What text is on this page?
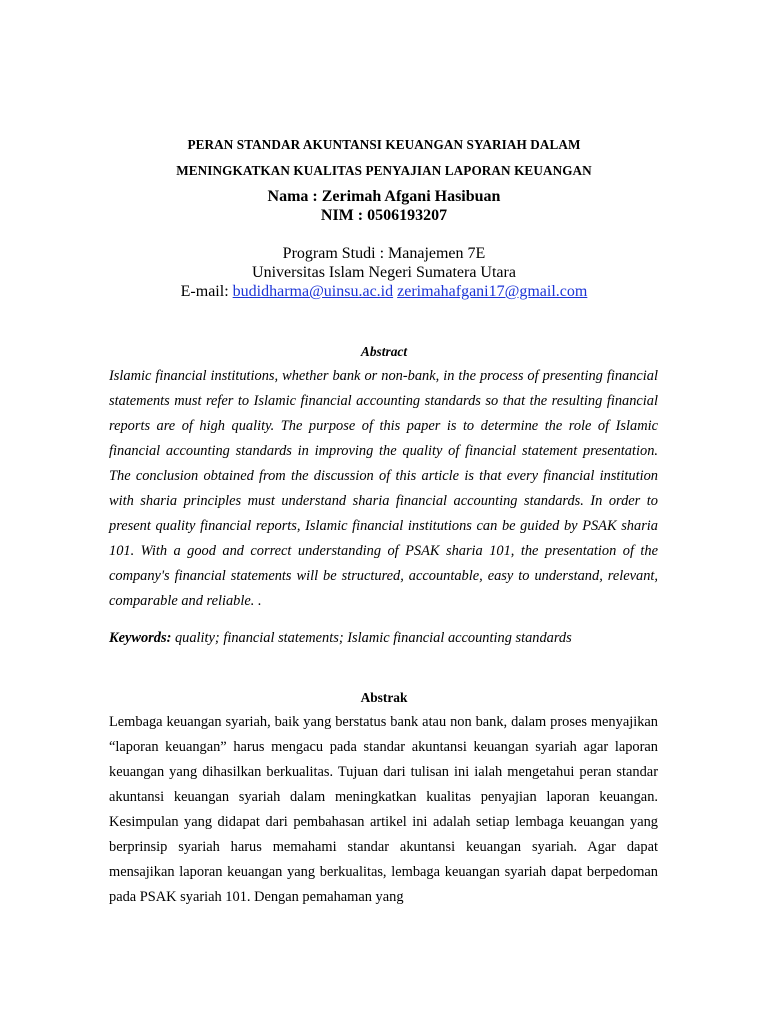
PERAN STANDAR AKUNTANSI KEUANGAN SYARIAH DALAM
MENINGKATKAN KUALITAS PENYAJIAN LAPORAN KEUANGAN
Nama : Zerimah Afgani Hasibuan
NIM : 0506193207
Program Studi : Manajemen 7E
Universitas Islam Negeri Sumatera Utara
E-mail: budidharma@uinsu.ac.id zerimahafgani17@gmail.com
Abstract

Islamic financial institutions, whether bank or non-bank, in the process of presenting financial statements must refer to Islamic financial accounting standards so that the resulting financial reports are of high quality. The purpose of this paper is to determine the role of Islamic financial accounting standards in improving the quality of financial statement presentation. The conclusion obtained from the discussion of this article is that every financial institution with sharia principles must understand sharia financial accounting standards. In order to present quality financial reports, Islamic financial institutions can be guided by PSAK sharia 101. With a good and correct understanding of PSAK sharia 101, the presentation of the company's financial statements will be structured, accountable, easy to understand, relevant, comparable and reliable. .

Keywords: quality; financial statements; Islamic financial accounting standards
Abstrak

Lembaga keuangan syariah, baik yang berstatus bank atau non bank, dalam proses menyajikan “laporan keuangan” harus mengacu pada standar akuntansi keuangan syariah agar laporan keuangan yang dihasilkan berkualitas. Tujuan dari tulisan ini ialah mengetahui peran standar akuntansi keuangan syariah dalam meningkatkan kualitas penyajian laporan keuangan. Kesimpulan yang didapat dari pembahasan artikel ini adalah setiap lembaga keuangan yang berprinsip syariah harus memahami standar akuntansi keuangan syariah. Agar dapat mensajikan laporan keuangan yang berkualitas, lembaga keuangan syariah dapat berpedoman pada PSAK syariah 101. Dengan pemahaman yang
